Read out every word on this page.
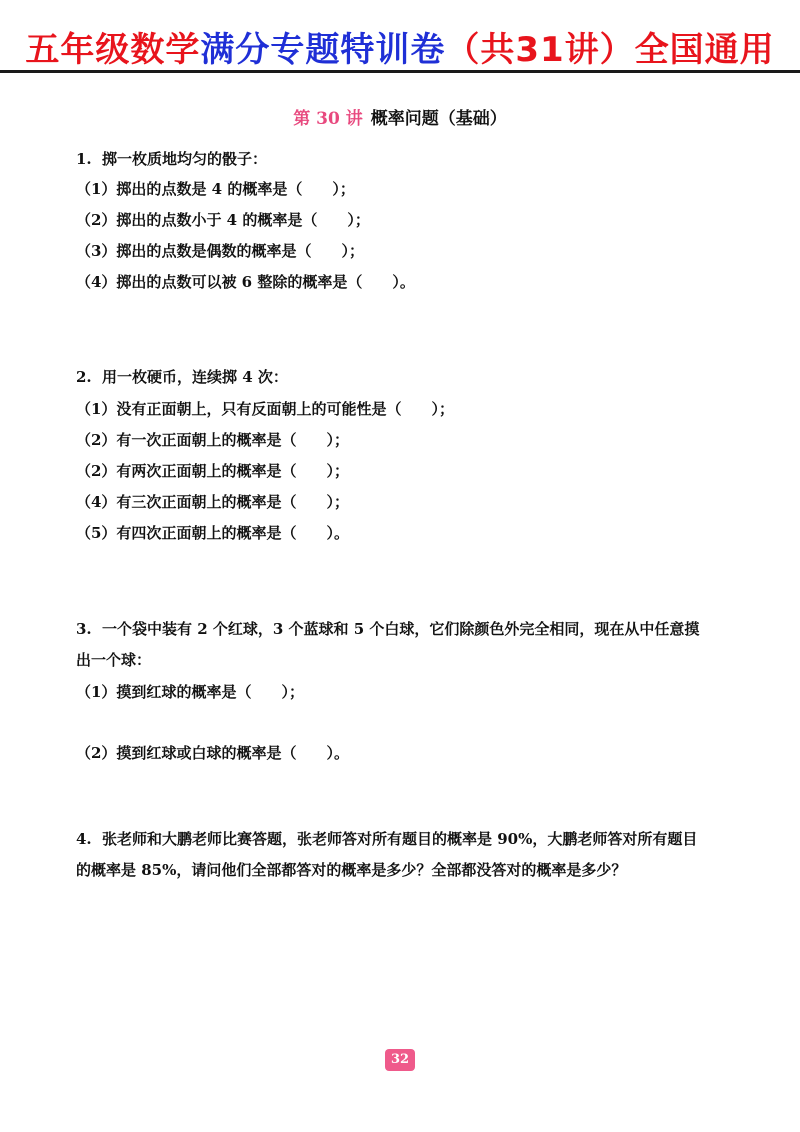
五年级数学满分专题特训卷（共31讲）全国通用
第 30 讲 概率问题（基础）
1. 掷一枚质地均匀的骰子：
（1）掷出的点数是 4 的概率是（　　）；
（2）掷出的点数小于 4 的概率是（　　）；
（3）掷出的点数是偶数的概率是（　　）；
（4）掷出的点数可以被 6 整除的概率是（　　）。
2. 用一枚硬币，连续掷 4 次：
（1）没有正面朝上，只有反面朝上的可能性是（　　）；
（2）有一次正面朝上的概率是（　　）；
（2）有两次正面朝上的概率是（　　）；
（4）有三次正面朝上的概率是（　　）；
（5）有四次正面朝上的概率是（　　）。
3. 一个袋中装有 2 个红球，3 个蓝球和 5 个白球，它们除颜色外完全相同，现在从中任意摸
出一个球：
（1）摸到红球的概率是（　　）；
（2）摸到红球或白球的概率是（　　）。
4. 张老师和大鹏老师比赛答题，张老师答对所有题目的概率是 90%，大鹏老师答对所有题目
的概率是 85%，请问他们全部都答对的概率是多少？全部都没答对的概率是多少？
32
